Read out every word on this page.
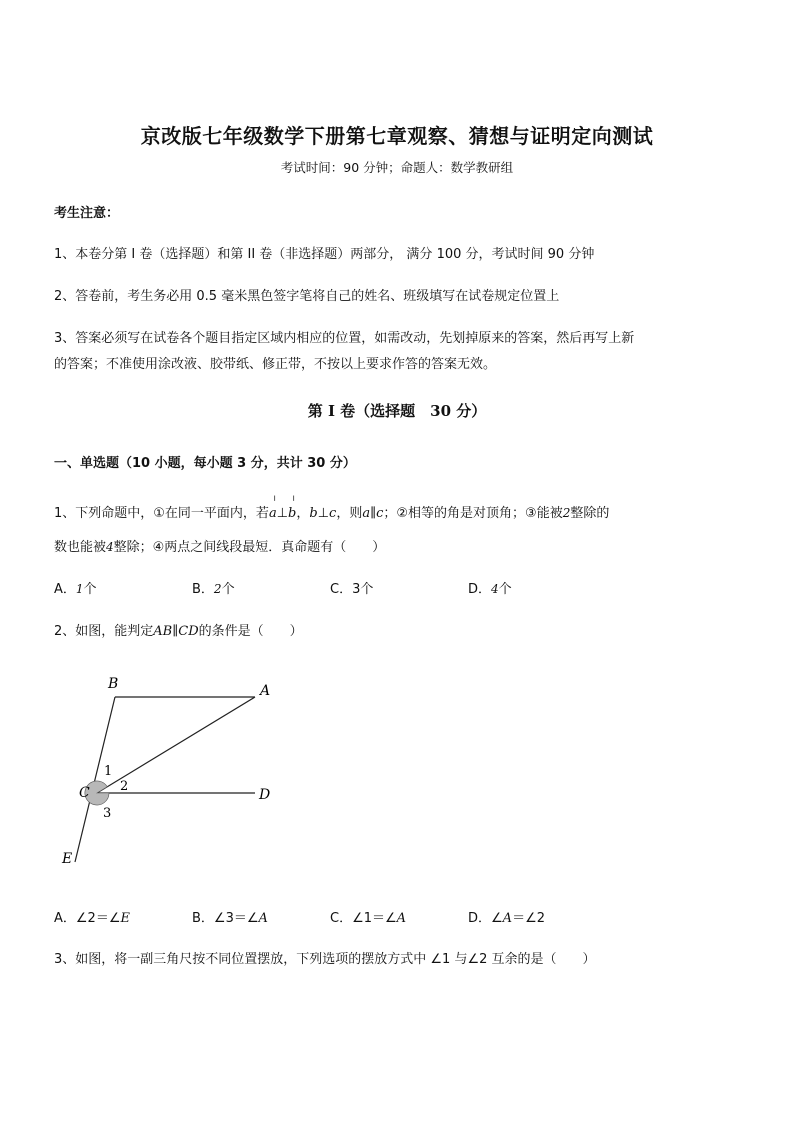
京改版七年级数学下册第七章观察、猜想与证明定向测试
考试时间：90 分钟；命题人：数学教研组
考生注意：
1、本卷分第 I 卷（选择题）和第 II 卷（非选择题）两部分， 满分 100 分，考试时间 90 分钟
2、答卷前，考生务必用 0.5 毫米黑色签字笔将自己的姓名、班级填写在试卷规定位置上
3、答案必须写在试卷各个题目指定区域内相应的位置，如需改动，先划掉原来的答案，然后再写上新
的答案；不准使用涂改液、胶带纸、修正带，不按以上要求作答的答案无效。
第 I 卷（选择题　30 分）
一、单选题（10 小题，每小题 3 分，共计 30 分）
1、下列命题中，①在同一平面内，若
╵
a⊥
╵
b，b⊥c，则a∥c；②相等的角是对顶角；③能被2整除的
数也能被4整除；④两点之间线段最短．真命题有（　　）
A．1个	B．2个	C．3个	D．4个
2、如图，能判定AB∥CD的条件是（　　）
B	A
C	D
E
1
2
3
A．∠2＝∠E	B．∠3＝∠A	C．∠1＝∠A	D．∠A＝∠2
3、如图，将一副三角尺按不同位置摆放，下列选项的摆放方式中 ∠1 与∠2 互余的是（　　）
